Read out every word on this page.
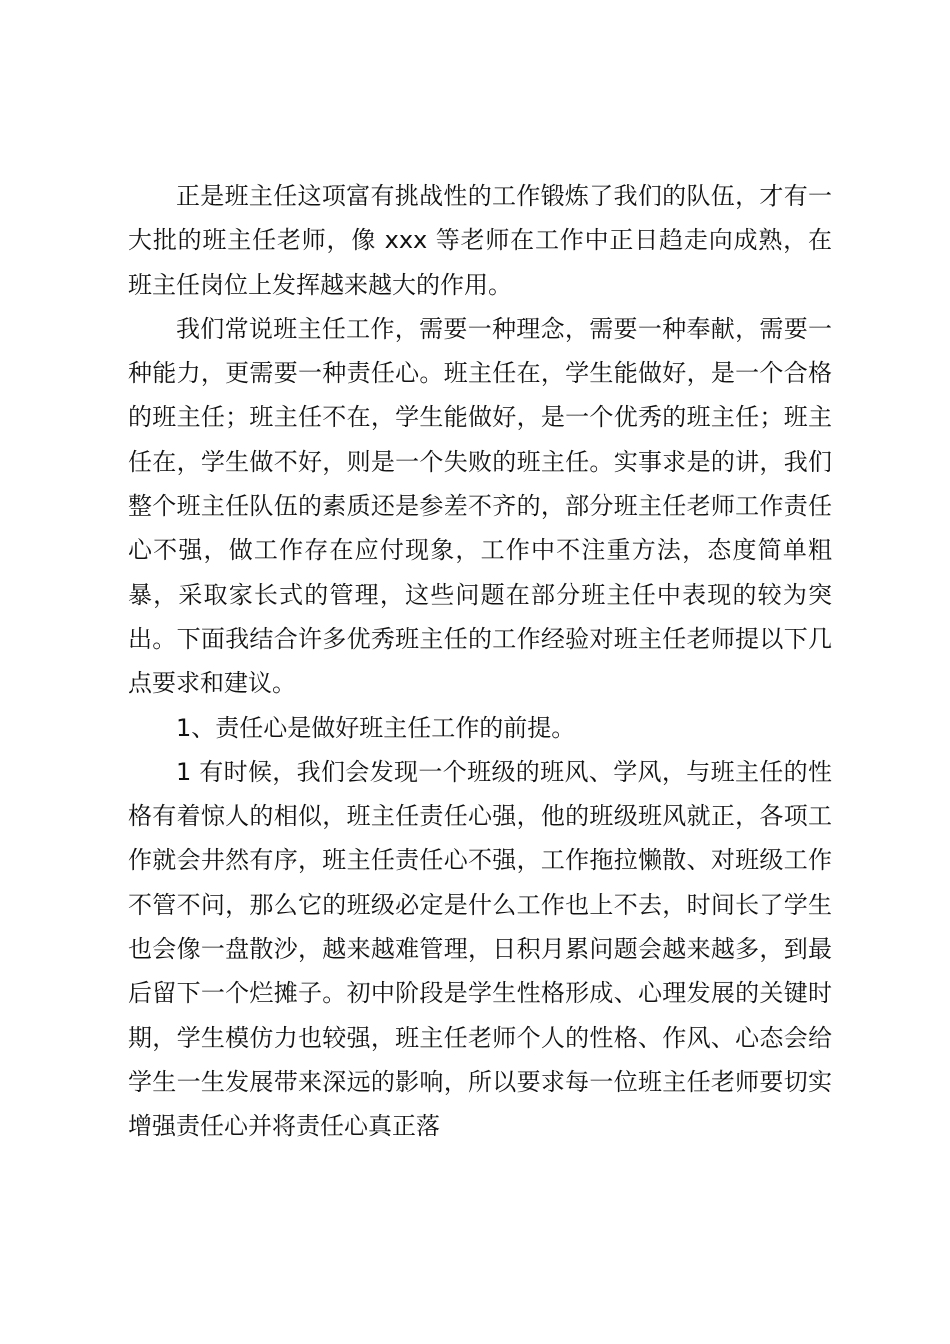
正是班主任这项富有挑战性的工作锻炼了我们的队伍，才有一大批的班主任老师，像 xxx 等老师在工作中正日趋走向成熟，在班主任岗位上发挥越来越大的作用。

我们常说班主任工作，需要一种理念，需要一种奉献，需要一种能力，更需要一种责任心。班主任在，学生能做好，是一个合格的班主任；班主任不在，学生能做好，是一个优秀的班主任；班主任在，学生做不好，则是一个失败的班主任。实事求是的讲，我们整个班主任队伍的素质还是参差不齐的，部分班主任老师工作责任心不强，做工作存在应付现象，工作中不注重方法，态度简单粗暴，采取家长式的管理，这些问题在部分班主任中表现的较为突出。下面我结合许多优秀班主任的工作经验对班主任老师提以下几点要求和建议。

1、责任心是做好班主任工作的前提。

1 有时候，我们会发现一个班级的班风、学风，与班主任的性格有着惊人的相似，班主任责任心强，他的班级班风就正，各项工作就会井然有序，班主任责任心不强，工作拖拉懒散、对班级工作不管不问，那么它的班级必定是什么工作也上不去，时间长了学生也会像一盘散沙，越来越难管理，日积月累问题会越来越多，到最后留下一个烂摊子。初中阶段是学生性格形成、心理发展的关键时期，学生模仿力也较强，班主任老师个人的性格、作风、心态会给学生一生发展带来深远的影响，所以要求每一位班主任老师要切实增强责任心并将责任心真正落
